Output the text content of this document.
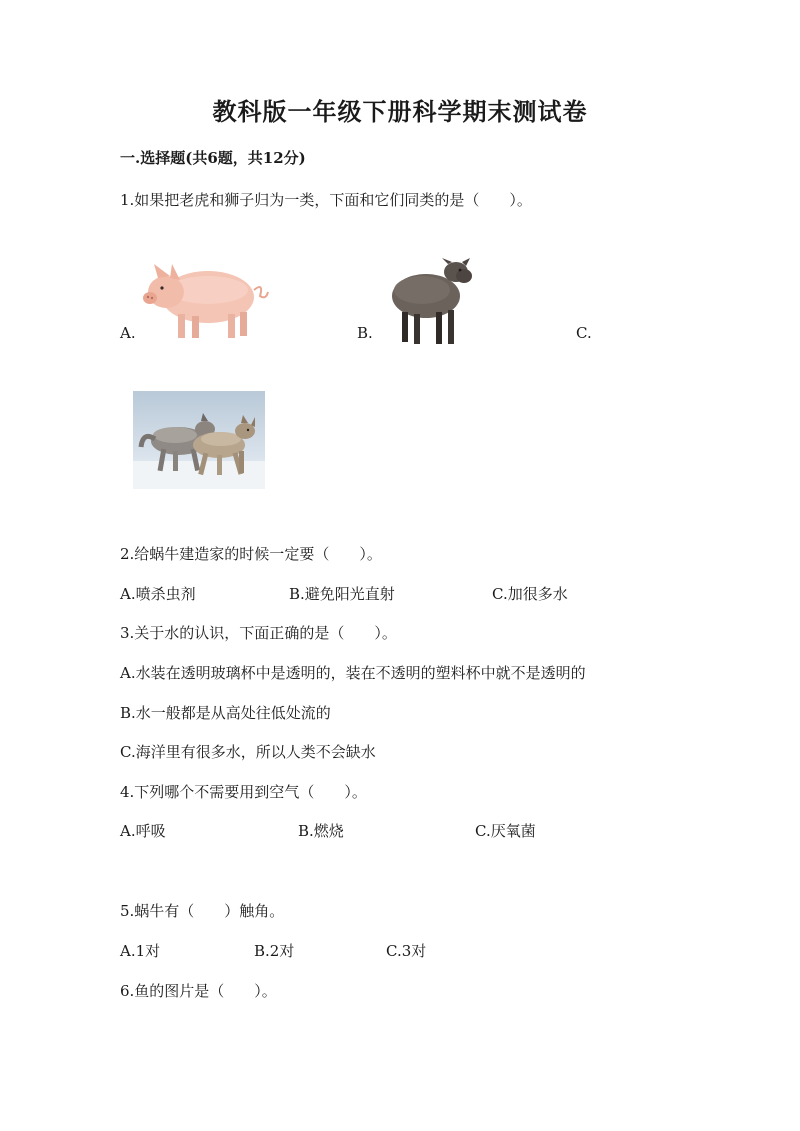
教科版一年级下册科学期末测试卷
一.选择题(共6题，共12分)
1.如果把老虎和狮子归为一类，下面和它们同类的是（　　）。
A.	B.	C.
2.给蜗牛建造家的时候一定要（　　）。
A.喷杀虫剂	B.避免阳光直射	C.加很多水
3.关于水的认识，下面正确的是（　　）。
A.水装在透明玻璃杯中是透明的，装在不透明的塑料杯中就不是透明的
B.水一般都是从高处往低处流的
C.海洋里有很多水，所以人类不会缺水
4.下列哪个不需要用到空气（　　）。
A.呼吸	B.燃烧	C.厌氧菌
5.蜗牛有（　　）触角。
A.1对	B.2对	C.3对
6.鱼的图片是（　　）。
